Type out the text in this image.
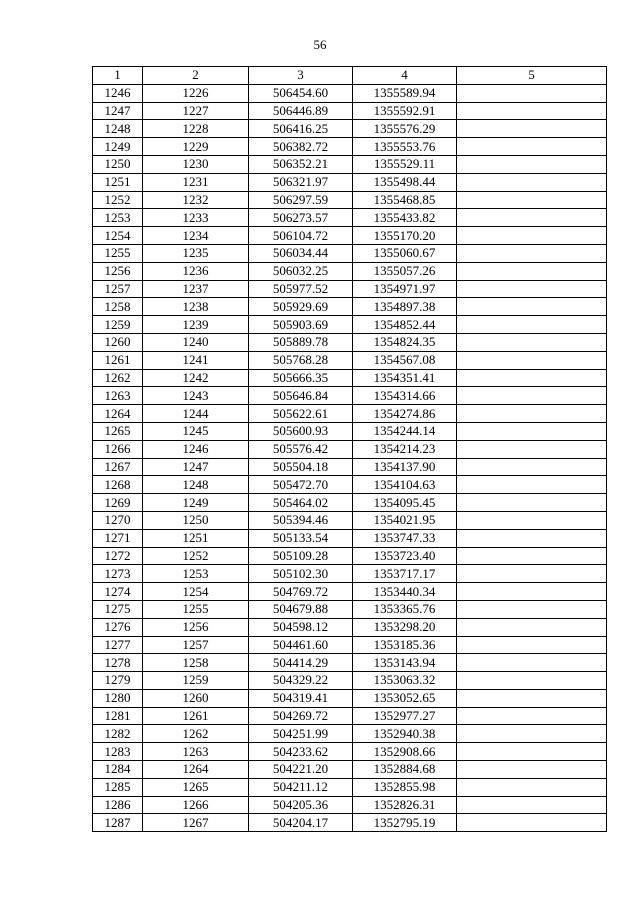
56
1	2	3	4	5
1246	1226	506454.60	1355589.94	
1247	1227	506446.89	1355592.91	
1248	1228	506416.25	1355576.29	
1249	1229	506382.72	1355553.76	
1250	1230	506352.21	1355529.11	
1251	1231	506321.97	1355498.44	
1252	1232	506297.59	1355468.85	
1253	1233	506273.57	1355433.82	
1254	1234	506104.72	1355170.20	
1255	1235	506034.44	1355060.67	
1256	1236	506032.25	1355057.26	
1257	1237	505977.52	1354971.97	
1258	1238	505929.69	1354897.38	
1259	1239	505903.69	1354852.44	
1260	1240	505889.78	1354824.35	
1261	1241	505768.28	1354567.08	
1262	1242	505666.35	1354351.41	
1263	1243	505646.84	1354314.66	
1264	1244	505622.61	1354274.86	
1265	1245	505600.93	1354244.14	
1266	1246	505576.42	1354214.23	
1267	1247	505504.18	1354137.90	
1268	1248	505472.70	1354104.63	
1269	1249	505464.02	1354095.45	
1270	1250	505394.46	1354021.95	
1271	1251	505133.54	1353747.33	
1272	1252	505109.28	1353723.40	
1273	1253	505102.30	1353717.17	
1274	1254	504769.72	1353440.34	
1275	1255	504679.88	1353365.76	
1276	1256	504598.12	1353298.20	
1277	1257	504461.60	1353185.36	
1278	1258	504414.29	1353143.94	
1279	1259	504329.22	1353063.32	
1280	1260	504319.41	1353052.65	
1281	1261	504269.72	1352977.27	
1282	1262	504251.99	1352940.38	
1283	1263	504233.62	1352908.66	
1284	1264	504221.20	1352884.68	
1285	1265	504211.12	1352855.98	
1286	1266	504205.36	1352826.31	
1287	1267	504204.17	1352795.19	
